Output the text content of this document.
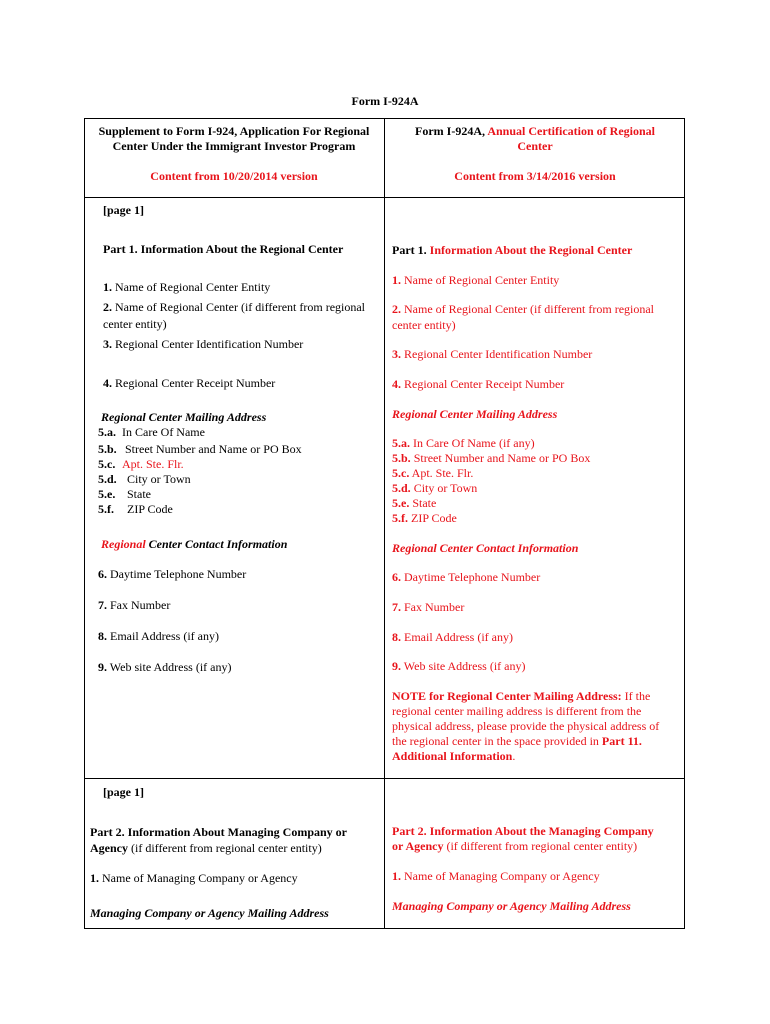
Form I-924A
Supplement to Form I-924, Application For Regional
Center Under the Immigrant Investor Program
Content from 10/20/2014 version
Form I-924A, Annual Certification of Regional
Center
Content from 3/14/2016 version
[page 1]
Part 1. Information About the Regional Center
1. Name of Regional Center Entity
2. Name of Regional Center (if different from regional
center entity)
3. Regional Center Identification Number
4. Regional Center Receipt Number
Regional Center Mailing Address
5.a. In Care Of Name
5.b. Street Number and Name or PO Box
5.c. Apt. Ste. Flr.
5.d. City or Town
5.e. State
5.f. ZIP Code
Regional Center Contact Information
6. Daytime Telephone Number
7. Fax Number
8. Email Address (if any)
9. Web site Address (if any)
Part 1. Information About the Regional Center
1. Name of Regional Center Entity
2. Name of Regional Center (if different from regional
center entity)
3. Regional Center Identification Number
4. Regional Center Receipt Number
Regional Center Mailing Address
5.a. In Care Of Name (if any)
5.b. Street Number and Name or PO Box
5.c. Apt. Ste. Flr.
5.d. City or Town
5.e. State
5.f. ZIP Code
Regional Center Contact Information
6. Daytime Telephone Number
7. Fax Number
8. Email Address (if any)
9. Web site Address (if any)
NOTE for Regional Center Mailing Address: If the
regional center mailing address is different from the
physical address, please provide the physical address of
the regional center in the space provided in Part 11.
Additional Information.
[page 1]
Part 2. Information About Managing Company or
Agency (if different from regional center entity)
1. Name of Managing Company or Agency
Managing Company or Agency Mailing Address
Part 2. Information About the Managing Company
or Agency (if different from regional center entity)
1. Name of Managing Company or Agency
Managing Company or Agency Mailing Address
